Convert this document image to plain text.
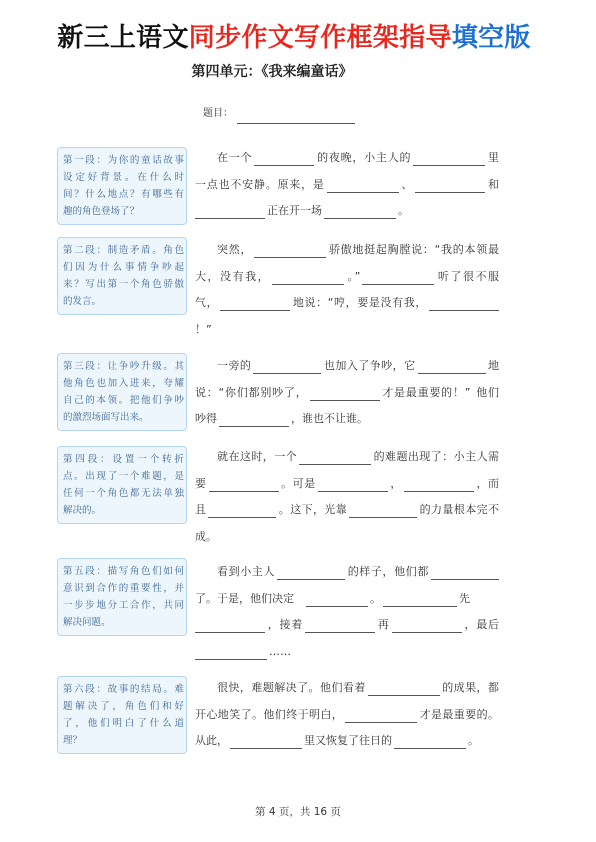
新三上语文同步作文写作框架指导填空版
第四单元：《我来编童话》
题目：
第一段：为你的童话故事
设定好背景。在什么时
间？什么地点？有哪些有
趣的角色登场了？
在一个	的夜晚，小主人的	里
一点也不安静。原来，是	、	和
正在开一场	。
第二段：制造矛盾。角色
们因为什么事情争吵起
来？写出第一个角色骄傲
的发言。
突然，	骄傲地挺起胸膛说：“我的本领最
大，没有我，	。”	听了很不服
气，	地说：“哼，要是没有我，
！”
第三段：让争吵升级。其
他角色也加入进来，夸耀
自己的本领。把他们争吵
的激烈场面写出来。
一旁的	也加入了争吵，它	地
说：“你们都别吵了，	才是最重要的！” 他们
吵得	，谁也不让谁。
第四段：设置一个转折
点。出现了一个难题，是
任何一个角色都无法单独
解决的。
就在这时，一个	的难题出现了：小主人需
要	。可是	，	，而
且	。这下，光靠	的力量根本完不
成。
第五段：描写角色们如何
意识到合作的重要性，并
一步步地分工合作，共同
解决问题。
看到小主人	的样子，他们都
了。于是，他们决定	。	先
，接着	再	，最后
……
第六段：故事的结局。难
题解决了，角色们和好
了，他们明白了什么道
理？
很快，难题解决了。他们看着	的成果，都
开心地笑了。他们终于明白，	才是最重要的。
从此，	里又恢复了往日的	。
第 4 页，共 16 页
